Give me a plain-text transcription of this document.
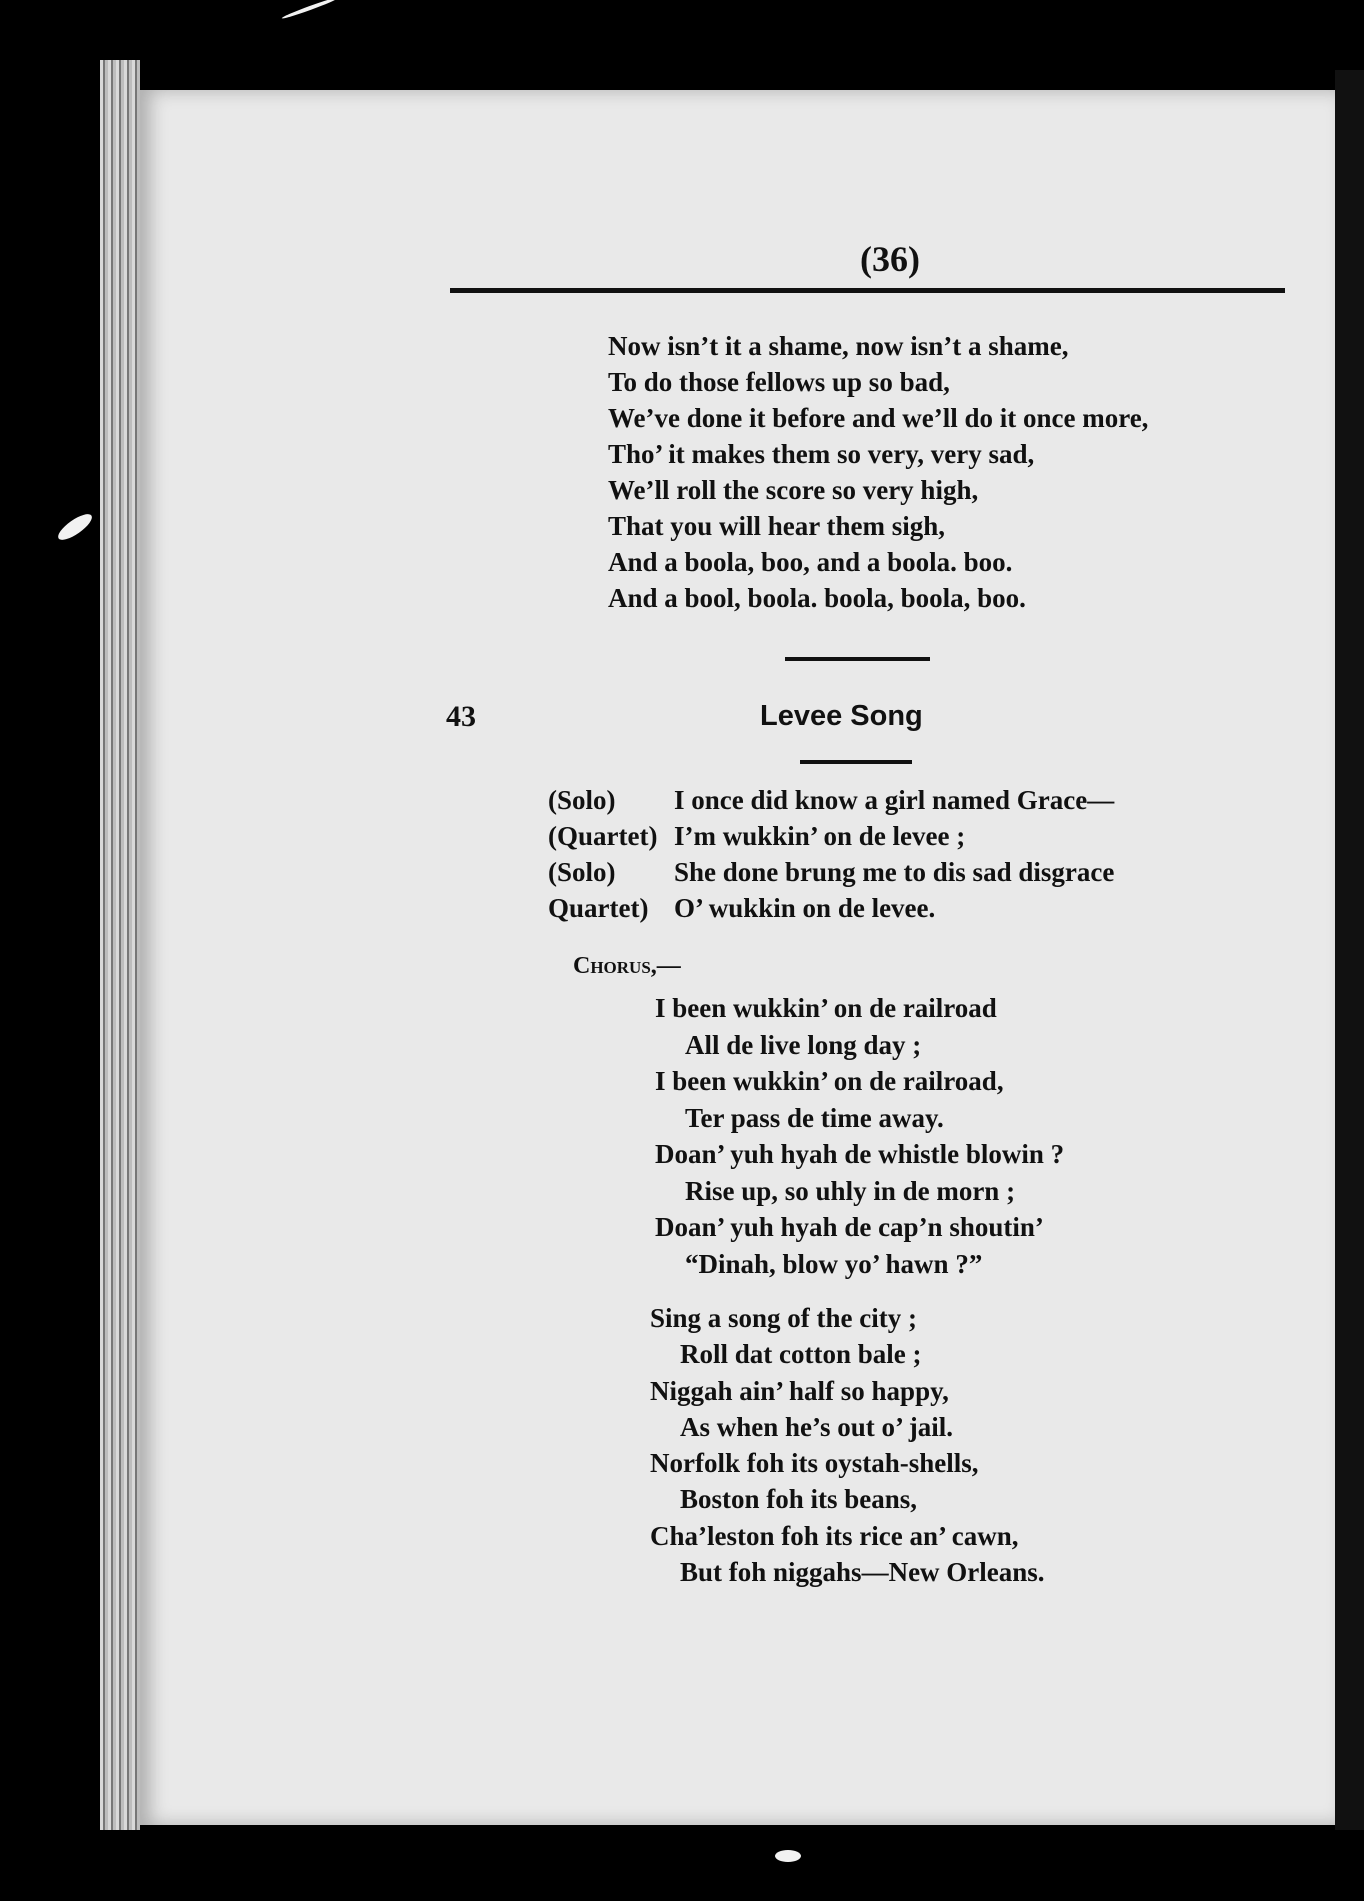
(36)
Now isn’t it a shame, now isn’t a shame,
To do those fellows up so bad,
We’ve done it before and we’ll do it once more,
Tho’ it makes them so very, very sad,
We’ll roll the score so very high,
That you will hear them sigh,
And a boola, boo, and a boola. boo.
And a bool, boola. boola, boola, boo.
43	Levee Song
(Solo)	I once did know a girl named Grace—
(Quartet) I’m wukkin’ on de levee ;
(Solo)	She done brung me to dis sad disgrace
Quartet) O’ wukkin on de levee.
Chorus,—
I been wukkin’ on de railroad
All de live long day ;
I been wukkin’ on de railroad,
Ter pass de time away.
Doan’ yuh hyah de whistle blowin ?
Rise up, so uhly in de morn ;
Doan’ yuh hyah de cap’n shoutin’
“Dinah, blow yo’ hawn ?”
Sing a song of the city ;
Roll dat cotton bale ;
Niggah ain’ half so happy,
As when he’s out o’ jail.
Norfolk foh its oystah-shells,
Boston foh its beans,
Cha’leston foh its rice an’ cawn,
But foh niggahs—New Orleans.
